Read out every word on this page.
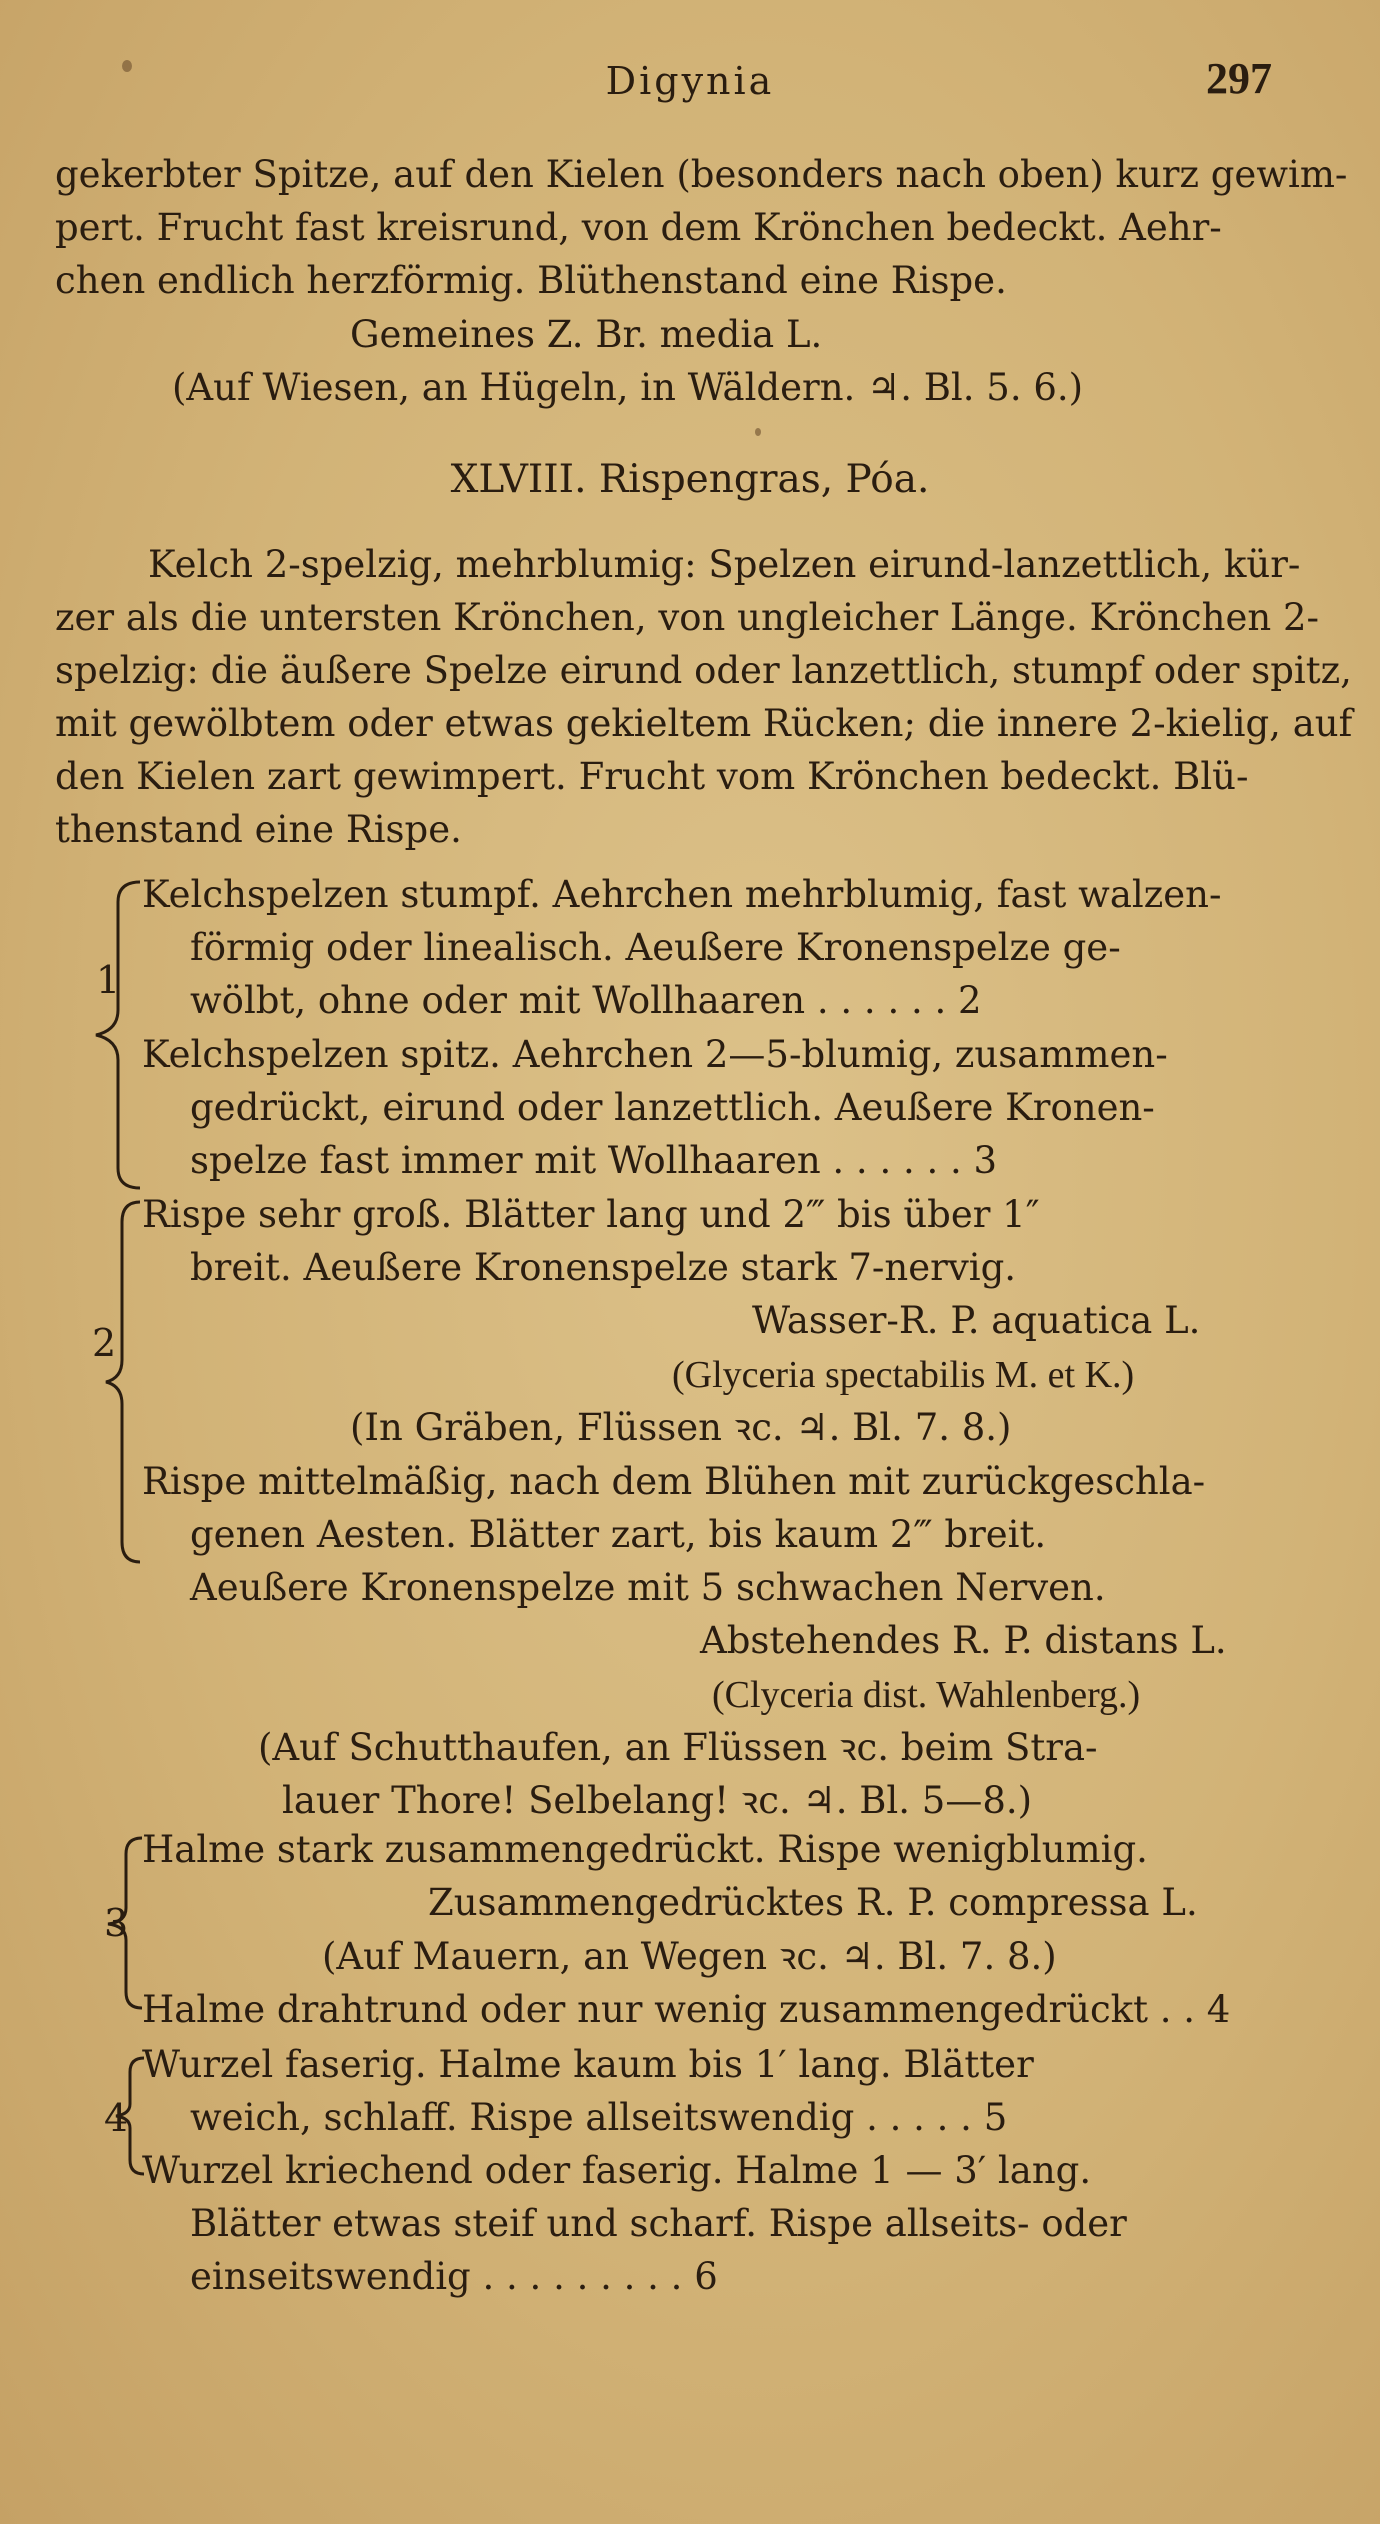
Digynia	297
gekerbter Spitze, auf den Kielen (besonders nach oben) kurz gewim-
pert. Frucht fast kreisrund, von dem Krönchen bedeckt. Aehr-
chen endlich herzförmig. Blüthenstand eine Rispe.
Gemeines Z. Br. media L.
(Auf Wiesen, an Hügeln, in Wäldern. ♃. Bl. 5. 6.)
XLVIII. Rispengras, Póa.
Kelch 2-spelzig, mehrblumig: Spelzen eirund-lanzettlich, kür-
zer als die untersten Krönchen, von ungleicher Länge. Krönchen 2-
spelzig: die äußere Spelze eirund oder lanzettlich, stumpf oder spitz,
mit gewölbtem oder etwas gekieltem Rücken; die innere 2-kielig, auf
den Kielen zart gewimpert. Frucht vom Krönchen bedeckt. Blü-
thenstand eine Rispe.
1
Kelchspelzen stumpf. Aehrchen mehrblumig, fast walzen-
förmig oder linealisch. Aeußere Kronenspelze ge-
wölbt, ohne oder mit Wollhaaren . . . . . . 2
Kelchspelzen spitz. Aehrchen 2—5-blumig, zusammen-
gedrückt, eirund oder lanzettlich. Aeußere Kronen-
spelze fast immer mit Wollhaaren . . . . . . 3
2
Rispe sehr groß. Blätter lang und 2‴ bis über 1″
breit. Aeußere Kronenspelze stark 7-nervig.
Wasser-R. P. aquatica L.
(Glyceria spectabilis M. et K.)
(In Gräben, Flüssen ꝛc. ♃. Bl. 7. 8.)
Rispe mittelmäßig, nach dem Blühen mit zurückgeschla-
genen Aesten. Blätter zart, bis kaum 2‴ breit.
Aeußere Kronenspelze mit 5 schwachen Nerven.
Abstehendes R. P. distans L.
(Clyceria dist. Wahlenberg.)
(Auf Schutthaufen, an Flüssen ꝛc. beim Stra-
lauer Thore! Selbelang! ꝛc. ♃. Bl. 5—8.)
3
Halme stark zusammengedrückt. Rispe wenigblumig.
Zusammengedrücktes R. P. compressa L.
(Auf Mauern, an Wegen ꝛc. ♃. Bl. 7. 8.)
Halme drahtrund oder nur wenig zusammengedrückt . . 4
4
Wurzel faserig. Halme kaum bis 1′ lang. Blätter
weich, schlaff. Rispe allseitswendig . . . . . 5
Wurzel kriechend oder faserig. Halme 1 — 3′ lang.
Blätter etwas steif und scharf. Rispe allseits- oder
einseitswendig . . . . . . . . . 6
